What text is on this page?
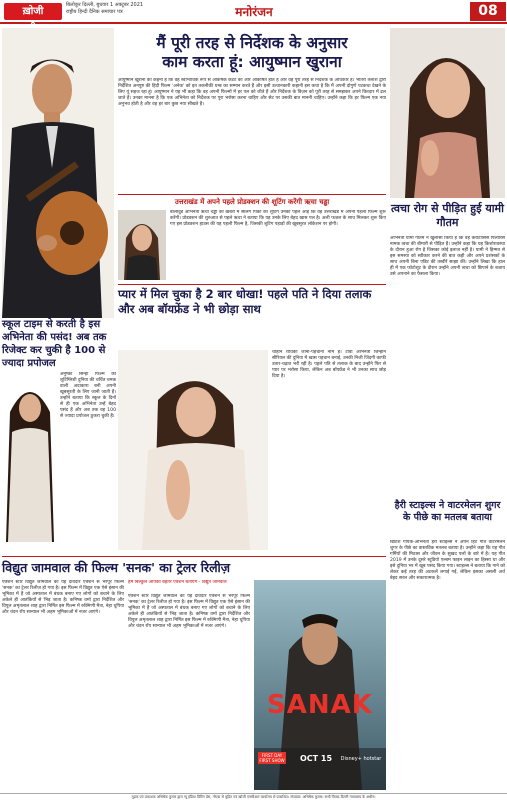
ख़ोजी
बिलोकुर दिल्ली, बुधवार 1 अक्टूबर 2021
राष्ट्रीय हिन्दी दैनिक समाचार पत्र	मनोरंजन	08
मैं पूरी तरह से निर्देशक के अनुसार
काम करता हूं: आयुष्मान खुराना
आयुष्मान खुराना का कहना है कि वह स्वाभाविक रूप से आकर्षक कंटेंट की ओर आकर्षित होते हैं और वह पूरी तरह से निर्देशक के अधिकार हैं। भीतरा तलाश द्वारा निर्देशित अनपुष्ट की हिंदी फिल्म 'अनेक' को इत तकनीकी धम्ब का सम्मान करते हैं और इसी उत्थानकारी कहानी इस कथा है कि मैं अपनी दोगुणे पटकथा देखने के लिए यूं सहज रहा हूं। आयुष्मान ने यह भी कहा कि वह अपनी फिल्मों में हर पल को जीते हैं और निर्देशक के विज़न को पूरी तरह से समझकर अपने किरदार में ढल जाते हैं। उनका मानना है कि एक अभिनेता को निर्देशक पर पूरा भरोसा करना चाहिए और सेट पर उसकी बात माननी चाहिए। उन्होंने कहा कि हर फिल्म एक नया अनुभव होती है और वह हर बार कुछ नया सीखते हैं।
त्वचा रोग से पीड़ित हुई यामी गौतम
अभिनेत्री यामी गौतम ने खुलासा किया है कि वह केराटोसिस पिलारिस नामक त्वचा की बीमारी से पीड़ित हैं। उन्होंने कहा कि यह किशोरावस्था के दौरान हुआ रोग है जिसका कोई इलाज नहीं है। यामी ने हिम्मत से इस समस्या को स्वीकार करने की बात कही और अपने प्रशंसकों के साथ अपनी बिना एडिट की तस्वीरें साझा कीं। उन्होंने लिखा कि हाल ही में एक फोटोशूट के दौरान उन्होंने अपनी त्वचा को छिपाने के बजाय उसे अपनाने का फैसला किया।
हैरी स्टाइल्स ने वाटरमेलन शुगर के पीछे का मतलब बताया
ब्रिटिश गायक-अभिनेता हैरी स्टाइल्स ने अपने हिट गीत वाटरमेलन शुगर के पीछे का वास्तविक मतलब बताया है। उन्होंने कहा कि यह गीत गर्मियों की मिठास और जीवन के सुखद पलों के बारे में है। यह गीत 2019 में उनके दूसरे स्टूडियो एल्बम फाइन लाइन का हिस्सा था और इसे दुनिया भर में खूब पसंद किया गया। स्टाइल्स ने बताया कि गाने को लेकर कई तरह की अटकलें लगाई गईं, लेकिन इसका असली अर्थ बेहद सरल और सकारात्मक है।
उत्तराखंड में अपने पहले प्रोडक्शन की शूटिंग करेंगी ऋचा चड्ढा
बॉलीवुड अभिनेत्री ऋचा चड्ढा को खबरों में सैलिंग पिंकी की शूटिंग उनकी पहले आई कि वह उत्तराखंड में अपनी पहली फिल्म शुरू करेंगी। प्रोडक्शन की शुरुआत से पहले ऋचा ने बताया कि यह उनके लिए बेहद खास पल है। अली फज़ल के साथ मिलकर शुरू किए गए इस प्रोडक्शन हाउस की यह पहली फिल्म है, जिसकी शूटिंग पहाड़ों की खूबसूरत लोकेशन पर होगी।
प्यार में मिल चुका है 2 बार धोखा! पहले पति ने दिया तलाक और अब बॉयफ्रेंड ने भी छोड़ा साथ
स्कूल टाइम से करती है इस अभिनेता की पसंद! अब तक रिजेक्ट कर चुकी है 100 से ज्यादा प्रपोजल
अनुष्का सिन्हा फिल्म की शूटिंग्लिशी दुनिया की चर्चित चमक वाली अदाकारा बनी अपनी खूबसूरती के लिए जानी जाती हैं। उन्होंने बताया कि स्कूल के दिनों से ही एक अभिनेता उन्हें बेहद पसंद हैं और अब तक वह 100 से ज्यादा प्रपोजल ठुकरा चुकी हैं।
चौहान राधिका जाना-पहचाना नाम हैं। टीवी अभिनेत्री जिन्होंने सीरियल की दुनिया में खास पहचान बनाई, उनकी निजी जिंदगी काफी उतार-चढ़ाव भरी रही है। पहले पति से तलाक के बाद उन्होंने फिर से प्यार पर भरोसा किया, लेकिन अब बॉयफ्रेंड ने भी उनका साथ छोड़ दिया है।
विद्युत जामवाल की फिल्म 'सनक' का ट्रेलर रिलीज़
एक्शन स्टार विद्युत जामवाल का यह दावेदार एक्शन से भरपूर फिल्म 'सनक' का ट्रेलर रिलीज हो गया है। इस फिल्म में विद्युत एक ऐसे इंसान की भूमिका में हैं जो अस्पताल में बंधक बनाए गए लोगों को बचाने के लिए अकेले ही आतंकियों से भिड़ जाता है। कनिष्क वर्मा द्वारा निर्देशित और विपुल अमृतलाल शाह द्वारा निर्मित इस फिल्म में रुक्मिणी मैत्रा, नेहा धूपिया और चंदन रॉय सान्याल भी अहम भूमिकाओं में नजर आएंगे।
हम बिल्कुल आपको बेहतर एक्शन बतायेंगे - विद्युत जामवाल
एक्शन स्टार विद्युत जामवाल का यह दावेदार एक्शन से भरपूर फिल्म 'सनक' का ट्रेलर रिलीज हो गया है। इस फिल्म में विद्युत एक ऐसे इंसान की भूमिका में हैं जो अस्पताल में बंधक बनाए गए लोगों को बचाने के लिए अकेले ही आतंकियों से भिड़ जाता है। कनिष्क वर्मा द्वारा निर्देशित और विपुल अमृतलाल शाह द्वारा निर्मित इस फिल्म में रुक्मिणी मैत्रा, नेहा धूपिया और चंदन रॉय सान्याल भी अहम भूमिकाओं में नजर आएंगे।
SANAK
FIRST DAY FIRST SHOW	OCT 15	Disney+ hotstar
मुद्रक एवं प्रकाशक अभिषेक कुमार द्वारा न्यू इंडिया प्रिंटिंग प्रेस, नोएडा से मुद्रित एवं ख़ोजी एनसीआर कार्यालय से प्रकाशित। संपादक: अभिषेक कुमार। सभी विवाद दिल्ली न्यायालय के अधीन।
